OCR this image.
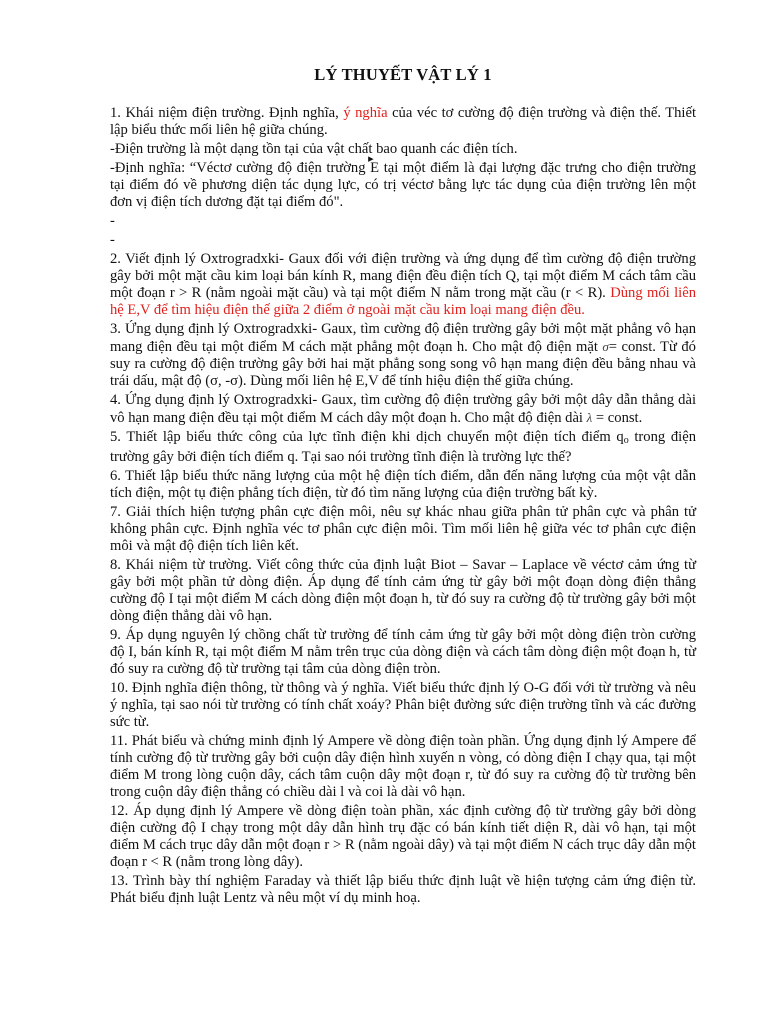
LÝ THUYẾT VẬT LÝ 1

1. Khái niệm điện trường. Định nghĩa, ý nghĩa của véc tơ cường độ điện trường và điện thế. Thiết lập biểu thức mối liên hệ giữa chúng.

-Điện trường là một dạng tồn tại của vật chất bao quanh các điện tích.

-Định nghĩa: “Véctơ cường độ điện trường ▸ E tại một điểm là đại lượng đặc trưng cho điện trường tại điểm đó về phương diện tác dụng lực, có trị véctơ bằng lực tác dụng của điện trường lên một đơn vị điện tích dương đặt tại điểm đó".

-

-

2. Viết định lý Oxtrogradxki- Gaux đối với điện trường và ứng dụng để tìm cường độ điện trường gây bởi một mặt cầu kim loại bán kính R, mang điện đều điện tích Q, tại một điểm M cách tâm cầu một đoạn r > R (nằm ngoài mặt cầu) và tại một điểm N nằm trong mặt cầu (r < R). Dùng mối liên hệ E,V để tìm hiệu điện thế giữa 2 điểm ở ngoài mặt cầu kim loại mang điện đều.

3. Ứng dụng định lý Oxtrogradxki- Gaux, tìm cường độ điện trường gây bởi một mặt phẳng vô hạn mang điện đều tại một điểm M cách mặt phẳng một đoạn h. Cho mật độ điện mặt σ= const. Từ đó suy ra cường độ điện trường gây bởi hai mặt phẳng song song vô hạn mang điện đều bằng nhau và trái dấu, mật độ (σ, -σ). Dùng mối liên hệ E,V để tính hiệu điện thế giữa chúng.

4. Ứng dụng định lý Oxtrogradxki- Gaux, tìm cường độ điện trường gây bởi một dây dẫn thẳng dài vô hạn mang điện đều tại một điểm M cách dây một đoạn h. Cho mật độ điện dài λ = const.

5. Thiết lập biểu thức công của lực tĩnh điện khi dịch chuyển một điện tích điểm $q_o$ trong điện trường gây bởi điện tích điểm q. Tại sao nói trường tĩnh điện là trường lực thế?

6. Thiết lập biểu thức năng lượng của một hệ điện tích điểm, dẫn đến năng lượng của một vật dẫn tích điện, một tụ điện phẳng tích điện, từ đó tìm năng lượng của điện trường bất kỳ.

7. Giải thích hiện tượng phân cực điện môi, nêu sự khác nhau giữa phân tử phân cực và phân tử không phân cực. Định nghĩa véc tơ phân cực điện môi. Tìm mối liên hệ giữa véc tơ phân cực điện môi và mật độ điện tích liên kết.

8. Khái niệm từ trường. Viết công thức của định luật Biot – Savar – Laplace về véctơ cảm ứng từ gây bởi một phần tử dòng điện. Áp dụng để tính cảm ứng từ gây bởi một đoạn dòng điện thẳng cường độ I tại một điểm M cách dòng điện một đoạn h, từ đó suy ra cường độ từ trường gây bởi một dòng điện thẳng dài vô hạn.

9. Áp dụng nguyên lý chồng chất từ trường để tính cảm ứng từ gây bởi một dòng điện tròn cường độ I, bán kính R, tại một điểm M nằm trên trục của dòng điện và cách tâm dòng điện một đoạn h, từ đó suy ra cường độ từ trường tại tâm của dòng điện tròn.

10. Định nghĩa điện thông, từ thông và ý nghĩa. Viết biểu thức định lý O-G đối với từ trường và nêu ý nghĩa, tại sao nói từ trường có tính chất xoáy? Phân biệt đường sức điện trường tĩnh và các đường sức từ.

11. Phát biểu và chứng minh định lý Ampere về dòng điện toàn phần. Ứng dụng định lý Ampere để tính cường độ từ trường gây bởi cuộn dây điện hình xuyến n vòng, có dòng điện I chạy qua, tại một điểm M trong lòng cuộn dây, cách tâm cuộn dây một đoạn r, từ đó suy ra cường độ từ trường bên trong cuộn dây điện thẳng có chiều dài l và coi là dài vô hạn.

12. Áp dụng định lý Ampere về dòng điện toàn phần, xác định cường độ từ trường gây bởi dòng điện cường độ I chạy trong một dây dẫn hình trụ đặc có bán kính tiết diện R, dài vô hạn, tại một điểm M cách trục dây dẫn một đoạn r > R (nằm ngoài dây) và tại một điểm N cách trục dây dẫn một đoạn r < R (nằm trong lòng dây).

13. Trình bày thí nghiệm Faraday và thiết lập biểu thức định luật về hiện tượng cảm ứng điện từ. Phát biểu định luật Lentz và nêu một ví dụ minh hoạ.
